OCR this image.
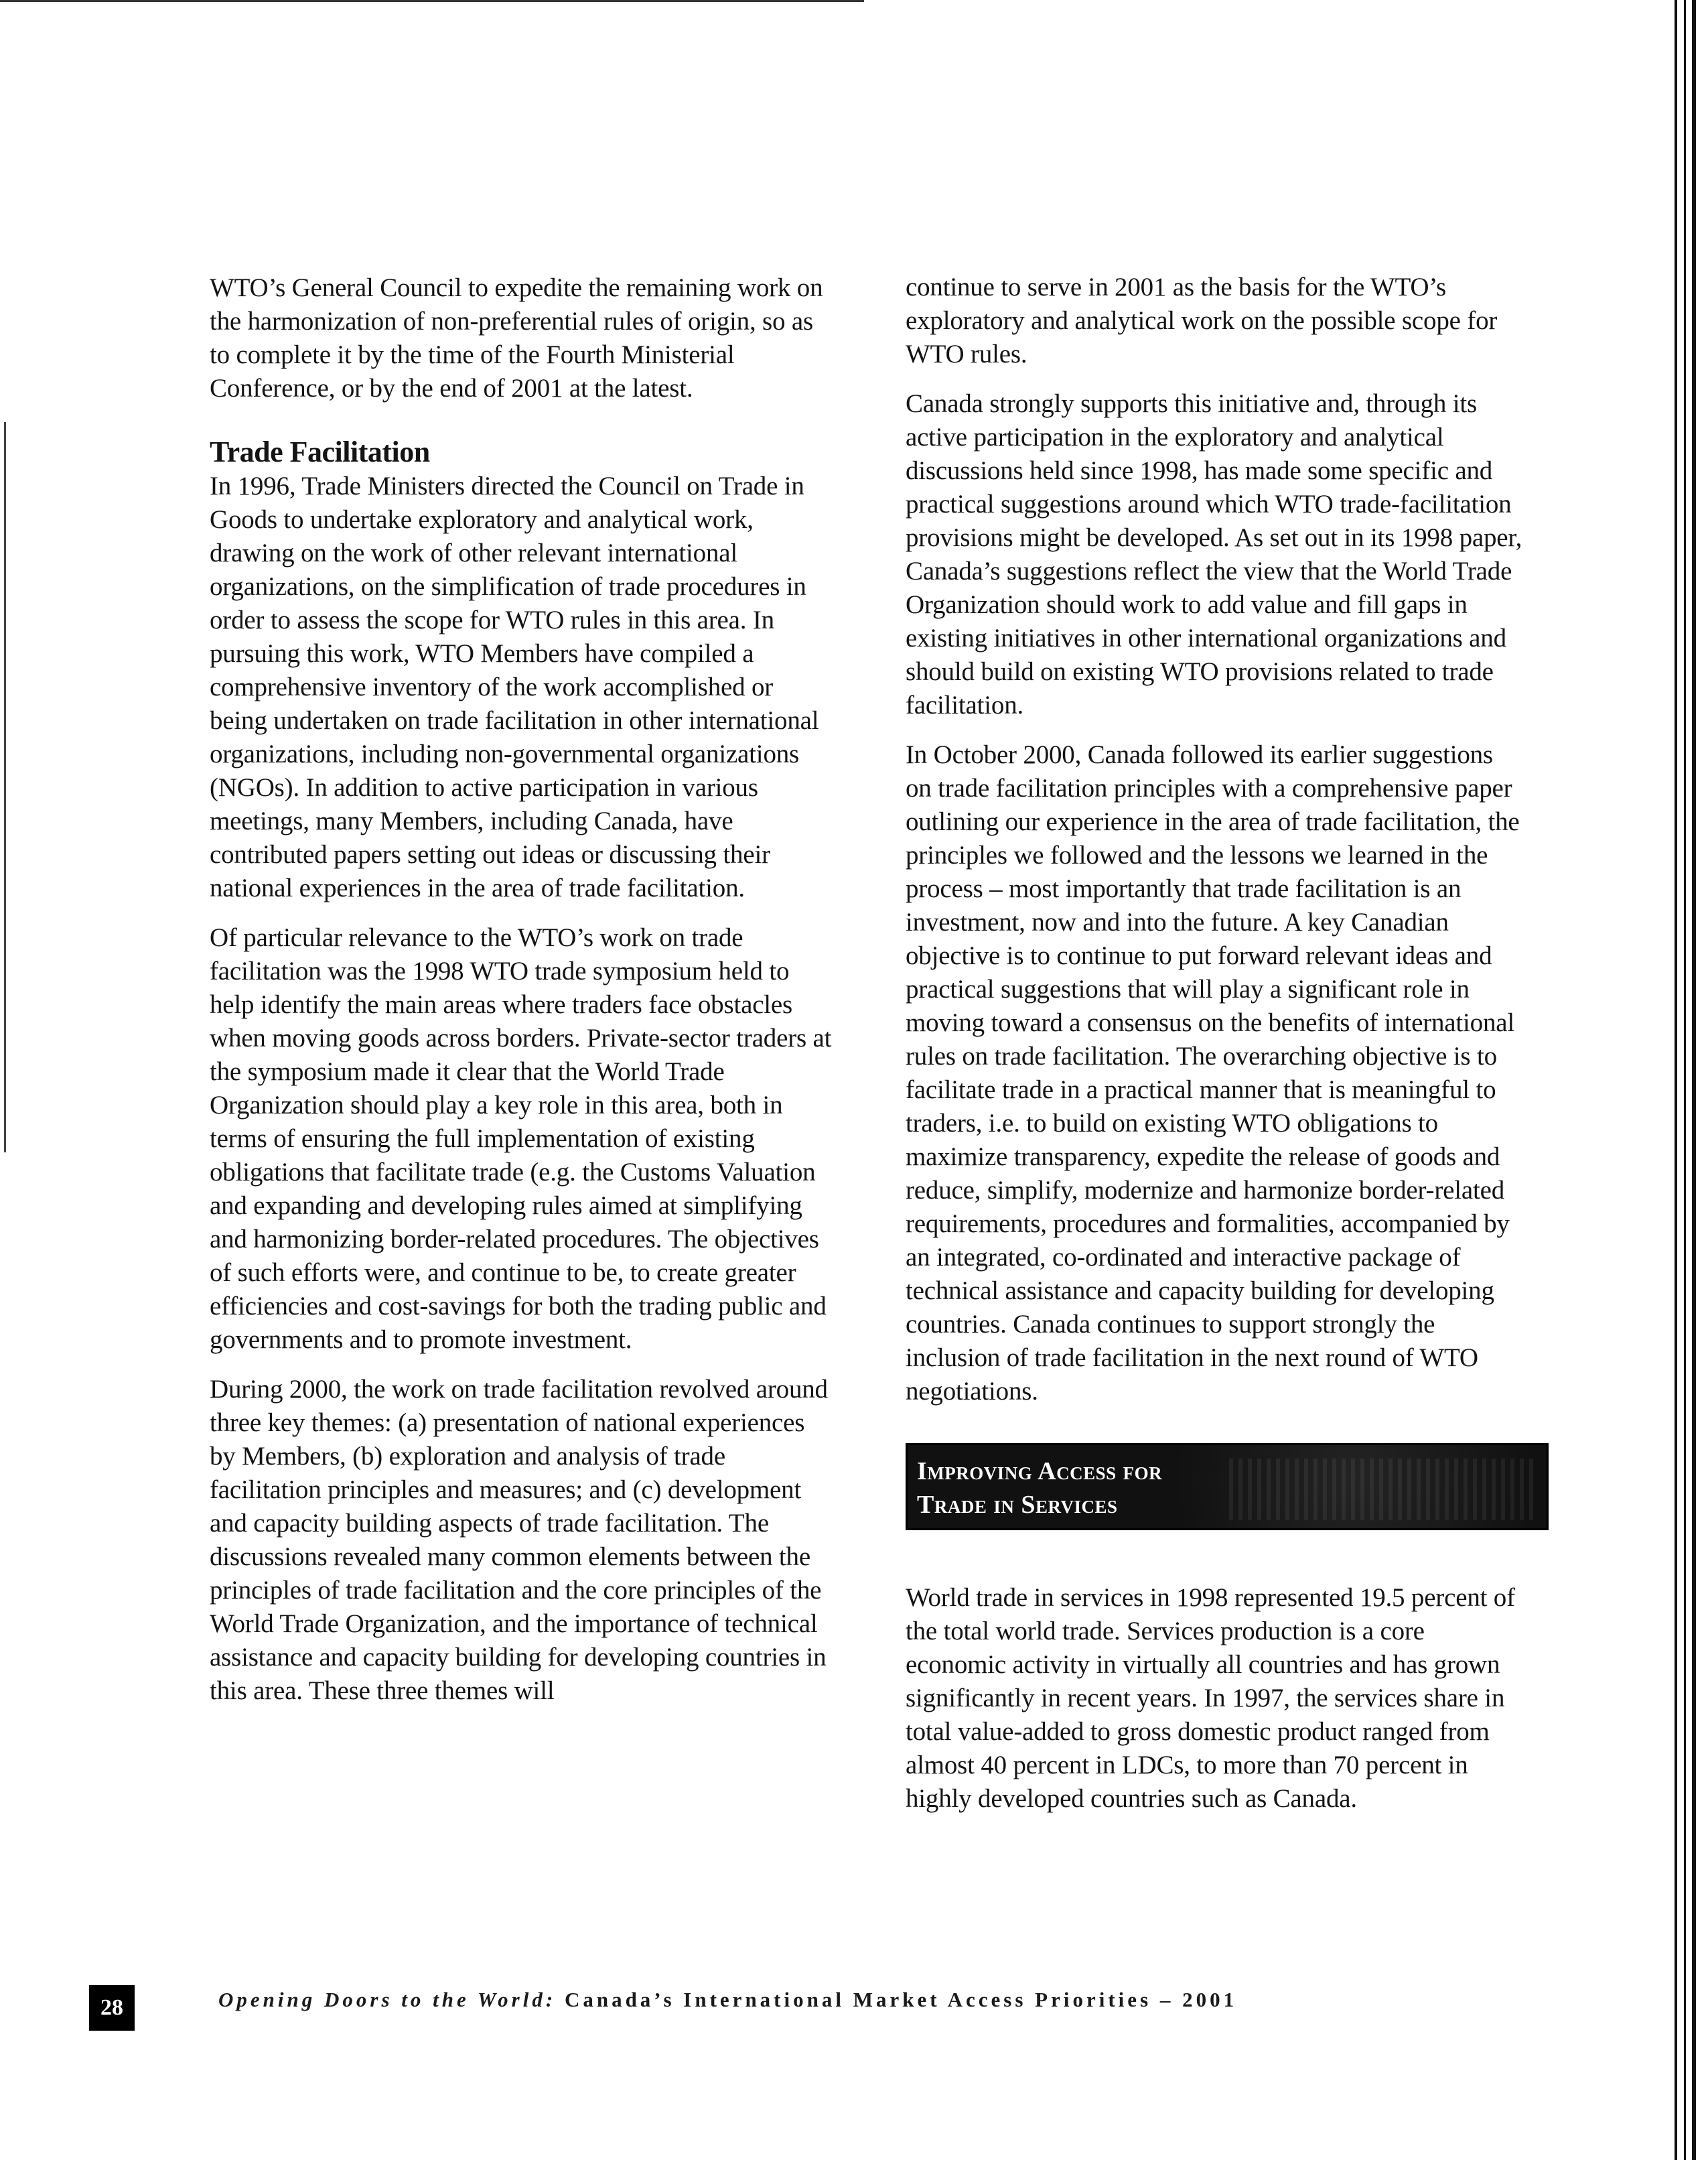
WTO’s General Council to expedite the remaining work on the harmonization of non-preferential rules of origin, so as to complete it by the time of the Fourth Ministerial Conference, or by the end of 2001 at the latest.

Trade Facilitation

In 1996, Trade Ministers directed the Council on Trade in Goods to undertake exploratory and analytical work, drawing on the work of other relevant international organizations, on the simplification of trade procedures in order to assess the scope for WTO rules in this area. In pursuing this work, WTO Members have compiled a comprehensive inventory of the work accomplished or being undertaken on trade facilitation in other international organizations, including non-governmental organizations (NGOs). In addition to active participation in various meetings, many Members, including Canada, have contributed papers setting out ideas or discussing their national experiences in the area of trade facilitation.

Of particular relevance to the WTO’s work on trade facilitation was the 1998 WTO trade symposium held to help identify the main areas where traders face obstacles when moving goods across borders. Private-sector traders at the symposium made it clear that the World Trade Organization should play a key role in this area, both in terms of ensuring the full implementation of existing obligations that facilitate trade (e.g. the Customs Valuation and expanding and developing rules aimed at simplifying and harmonizing border-related procedures. The objectives of such efforts were, and continue to be, to create greater efficiencies and cost-savings for both the trading public and governments and to promote investment.

During 2000, the work on trade facilitation revolved around three key themes: (a) presentation of national experiences by Members, (b) exploration and analysis of trade facilitation principles and measures; and (c) development and capacity building aspects of trade facilitation. The discussions revealed many common elements between the principles of trade facilitation and the core principles of the World Trade Organization, and the importance of technical assistance and capacity building for developing countries in this area. These three themes will

continue to serve in 2001 as the basis for the WTO’s exploratory and analytical work on the possible scope for WTO rules.

Canada strongly supports this initiative and, through its active participation in the exploratory and analytical discussions held since 1998, has made some specific and practical suggestions around which WTO trade-facilitation provisions might be developed. As set out in its 1998 paper, Canada’s suggestions reflect the view that the World Trade Organization should work to add value and fill gaps in existing initiatives in other international organizations and should build on existing WTO provisions related to trade facilitation.

In October 2000, Canada followed its earlier suggestions on trade facilitation principles with a comprehensive paper outlining our experience in the area of trade facilitation, the principles we followed and the lessons we learned in the process – most importantly that trade facilitation is an investment, now and into the future. A key Canadian objective is to continue to put forward relevant ideas and practical suggestions that will play a significant role in moving toward a consensus on the benefits of international rules on trade facilitation. The overarching objective is to facilitate trade in a practical manner that is meaningful to traders, i.e. to build on existing WTO obligations to maximize transparency, expedite the release of goods and reduce, simplify, modernize and harmonize border-related requirements, procedures and formalities, accompanied by an integrated, co-ordinated and interactive package of technical assistance and capacity building for developing countries. Canada continues to support strongly the inclusion of trade facilitation in the next round of WTO negotiations.

Improving Access for
Trade in Services

World trade in services in 1998 represented 19.5 percent of the total world trade. Services production is a core economic activity in virtually all countries and has grown significantly in recent years. In 1997, the services share in total value-added to gross domestic product ranged from almost 40 percent in LDCs, to more than 70 percent in highly developed countries such as Canada.

28	Opening Doors to the World: Canada’s International Market Access Priorities – 2001
